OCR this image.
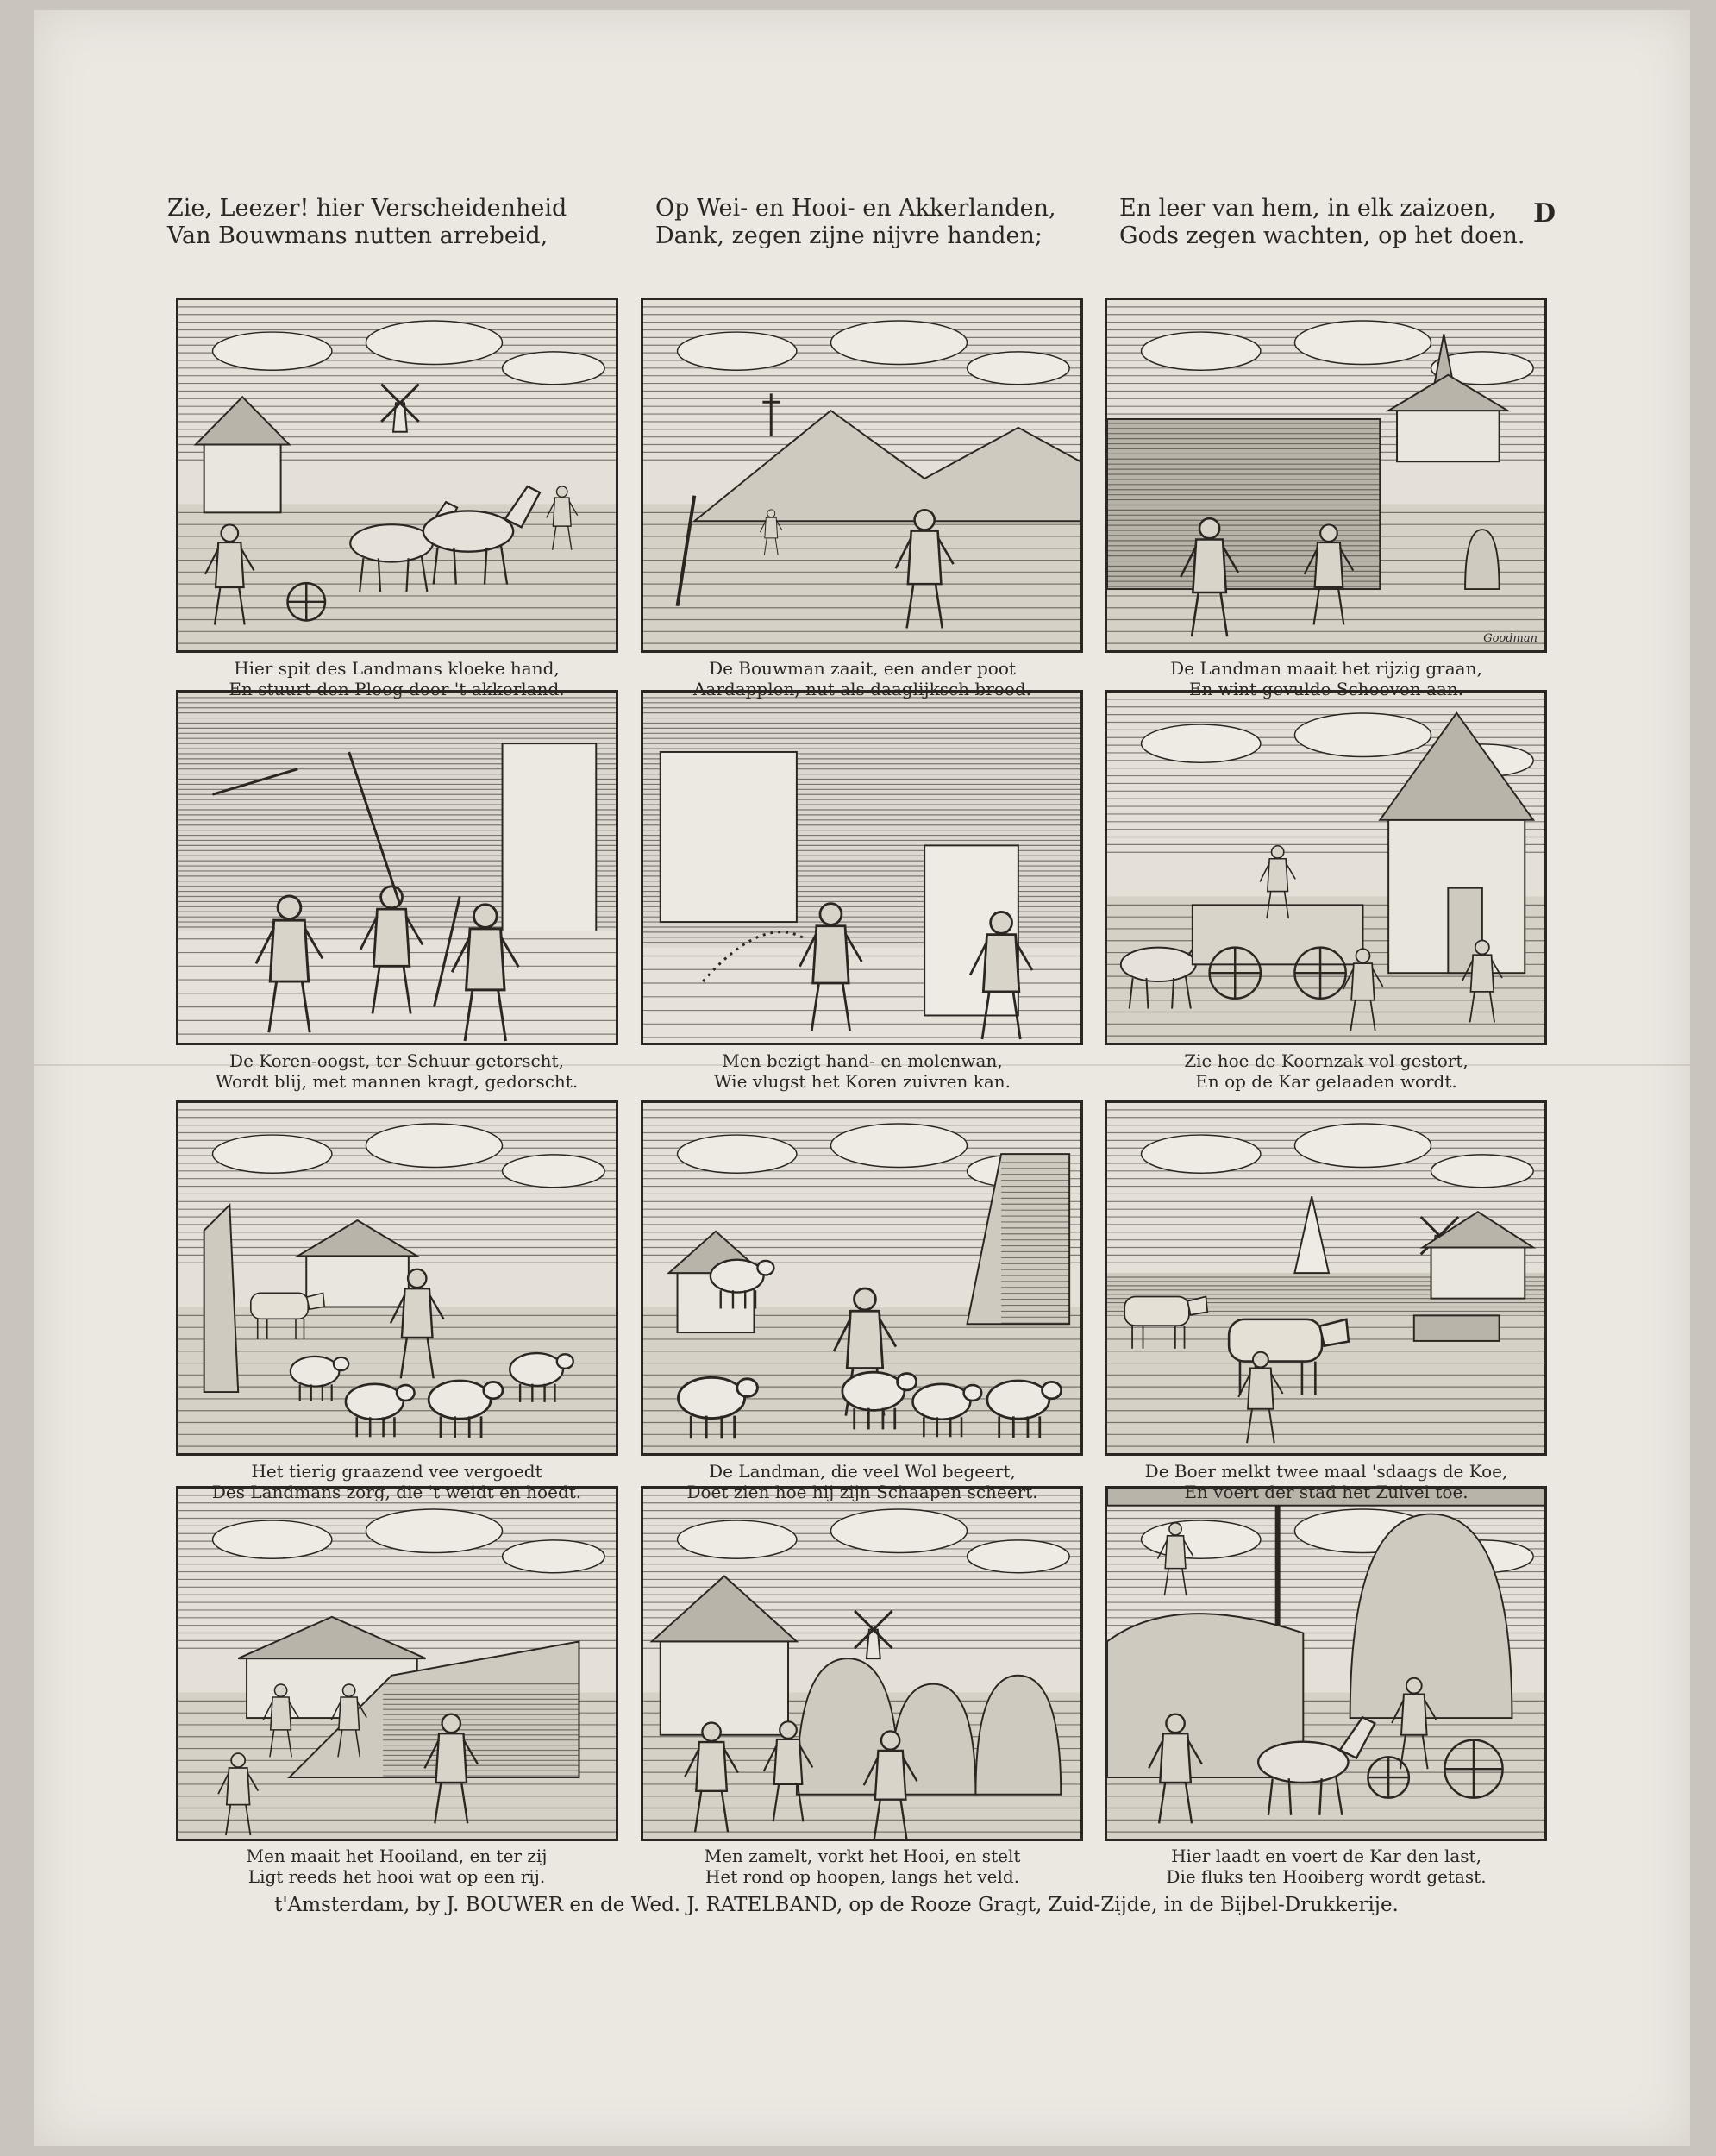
D
Zie, Leezer! hier Verscheidenheid
Van Bouwmans nutten arrebeid,
Op Wei- en Hooi- en Akkerlanden,
Dank, zegen zijne nijvre handen;
En leer van hem, in elk zaizoen,
Gods zegen wachten, op het doen.
Goodman
Hier spit des Landmans kloeke hand,
En stuurt den Ploeg door 't akkerland.
De Bouwman zaait, een ander poot
Aardapplen, nut als daaglijksch brood.
De Landman maait het rijzig graan,
En wint gevulde Schooven aan.
De Koren-oogst, ter Schuur getorscht,
Wordt blij, met mannen kragt, gedorscht.
Men bezigt hand- en molenwan,
Wie vlugst het Koren zuivren kan.
Zie hoe de Koornzak vol gestort,
En op de Kar gelaaden wordt.
Het tierig graazend vee vergoedt
Des Landmans zorg, die 't weidt en hoedt.
De Landman, die veel Wol begeert,
Doet zien hoe hij zijn Schaapen scheert.
De Boer melkt twee maal 'sdaags de Koe,
En voert der stad het Zuivel toe.
Men maait het Hooiland, en ter zij
Ligt reeds het hooi wat op een rij.
Men zamelt, vorkt het Hooi, en stelt
Het rond op hoopen, langs het veld.
Hier laadt en voert de Kar den last,
Die fluks ten Hooiberg wordt getast.
t'Amsterdam, by J. BOUWER en de Wed. J. RATELBAND, op de Rooze Gragt, Zuid-Zijde, in de Bijbel-Drukkerije.
